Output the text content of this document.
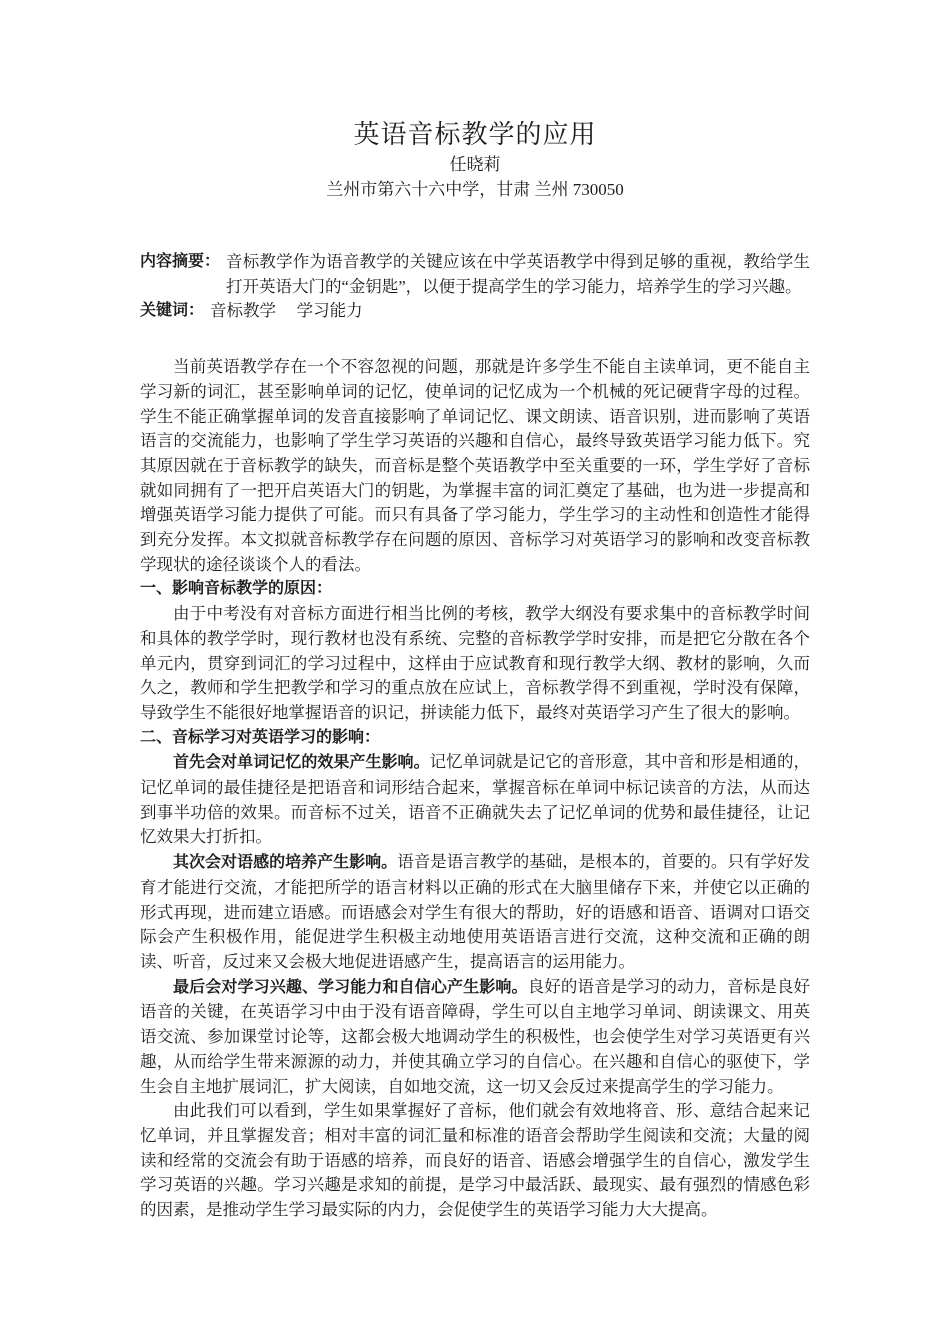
英语音标教学的应用
任晓莉
兰州市第六十六中学，甘肃 兰州 730050
内容摘要： 音标教学作为语音教学的关键应该在中学英语教学中得到足够的重视，教给学生打开英语大门的“金钥匙”，以便于提高学生的学习能力，培养学生的学习兴趣。
关键词： 音标教学　 学习能力

当前英语教学存在一个不容忽视的问题，那就是许多学生不能自主读单词，更不能自主学习新的词汇，甚至影响单词的记忆，使单词的记忆成为一个机械的死记硬背字母的过程。学生不能正确掌握单词的发音直接影响了单词记忆、课文朗读、语音识别，进而影响了英语语言的交流能力，也影响了学生学习英语的兴趣和自信心，最终导致英语学习能力低下。究其原因就在于音标教学的缺失，而音标是整个英语教学中至关重要的一环，学生学好了音标就如同拥有了一把开启英语大门的钥匙，为掌握丰富的词汇奠定了基础，也为进一步提高和增强英语学习能力提供了可能。而只有具备了学习能力，学生学习的主动性和创造性才能得到充分发挥。本文拟就音标教学存在问题的原因、音标学习对英语学习的影响和改变音标教学现状的途径谈谈个人的看法。

一、影响音标教学的原因：

由于中考没有对音标方面进行相当比例的考核，教学大纲没有要求集中的音标教学时间和具体的教学学时，现行教材也没有系统、完整的音标教学学时安排，而是把它分散在各个单元内，贯穿到词汇的学习过程中，这样由于应试教育和现行教学大纲、教材的影响，久而久之，教师和学生把教学和学习的重点放在应试上，音标教学得不到重视，学时没有保障，导致学生不能很好地掌握语音的识记，拼读能力低下，最终对英语学习产生了很大的影响。

二、音标学习对英语学习的影响：

首先会对单词记忆的效果产生影响。记忆单词就是记它的音形意，其中音和形是相通的，记忆单词的最佳捷径是把语音和词形结合起来，掌握音标在单词中标记读音的方法，从而达到事半功倍的效果。而音标不过关，语音不正确就失去了记忆单词的优势和最佳捷径，让记忆效果大打折扣。

其次会对语感的培养产生影响。语音是语言教学的基础，是根本的，首要的。只有学好发育才能进行交流，才能把所学的语言材料以正确的形式在大脑里储存下来，并使它以正确的形式再现，进而建立语感。而语感会对学生有很大的帮助，好的语感和语音、语调对口语交际会产生积极作用，能促进学生积极主动地使用英语语言进行交流，这种交流和正确的朗读、听音，反过来又会极大地促进语感产生，提高语言的运用能力。

最后会对学习兴趣、学习能力和自信心产生影响。良好的语音是学习的动力，音标是良好语音的关键，在英语学习中由于没有语音障碍，学生可以自主地学习单词、朗读课文、用英语交流、参加课堂讨论等，这都会极大地调动学生的积极性，也会使学生对学习英语更有兴趣，从而给学生带来源源的动力，并使其确立学习的自信心。在兴趣和自信心的驱使下，学生会自主地扩展词汇，扩大阅读，自如地交流，这一切又会反过来提高学生的学习能力。

由此我们可以看到，学生如果掌握好了音标，他们就会有效地将音、形、意结合起来记忆单词，并且掌握发音；相对丰富的词汇量和标准的语音会帮助学生阅读和交流；大量的阅读和经常的交流会有助于语感的培养，而良好的语音、语感会增强学生的自信心，激发学生学习英语的兴趣。学习兴趣是求知的前提，是学习中最活跃、最现实、最有强烈的情感色彩的因素，是推动学生学习最实际的内力，会促使学生的英语学习能力大大提高。
